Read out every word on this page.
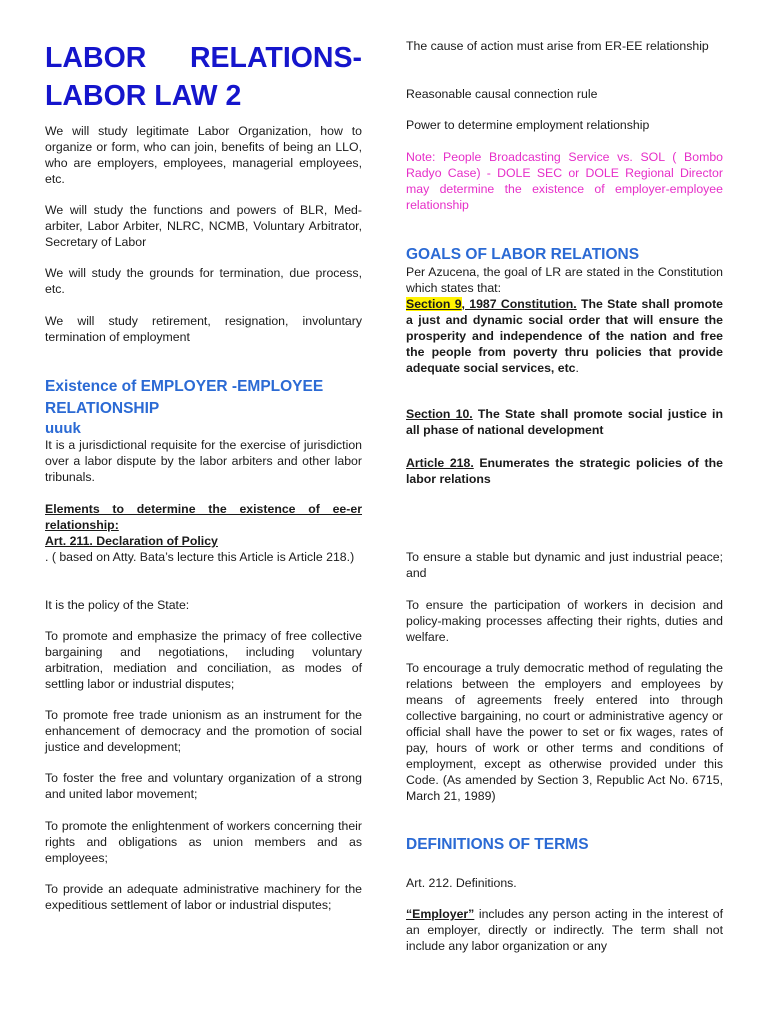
LABOR RELATIONS-
LABOR LAW 2

We will study legitimate Labor Organization, how to organize or form, who can join, benefits of being an LLO, who are employers, employees, managerial employees, etc.

We will study the functions and powers of BLR, Med-arbiter, Labor Arbiter, NLRC, NCMB, Voluntary Arbitrator, Secretary of Labor

We will study the grounds for termination, due process, etc.

We will study retirement, resignation, involuntary termination of employment

Existence of EMPLOYER -EMPLOYEE RELATIONSHIP
uuuk

It is a jurisdictional requisite for the exercise of jurisdiction over a labor dispute by the labor arbiters and other labor tribunals.

Elements to determine the existence of ee-er relationship:

Art. 211. Declaration of Policy

. ( based on Atty. Bata’s lecture this Article is Article 218.)

It is the policy of the State:

To promote and emphasize the primacy of free collective bargaining and negotiations, including voluntary arbitration, mediation and conciliation, as modes of settling labor or industrial disputes;

To promote free trade unionism as an instrument for the enhancement of democracy and the promotion of social justice and development;

To foster the free and voluntary organization of a strong and united labor movement;

To promote the enlightenment of workers concerning their rights and obligations as union members and as employees;

To provide an adequate administrative machinery for the expeditious settlement of labor or industrial disputes;

The cause of action must arise from ER-EE relationship

Reasonable causal connection rule

Power to determine employment relationship

Note: People Broadcasting Service vs. SOL ( Bombo Radyo Case) - DOLE SEC or DOLE Regional Director may determine the existence of employer-employee relationship

GOALS OF LABOR RELATIONS

Per Azucena, the goal of LR are stated in the Constitution which states that:

Section 9, 1987 Constitution. The State shall promote a just and dynamic social order that will ensure the prosperity and independence of the nation and free the people from poverty thru policies that provide adequate social services, etc.

Section 10. The State shall promote social justice in all phase of national development

Article 218. Enumerates the strategic policies of the labor relations

To ensure a stable but dynamic and just industrial peace; and

To ensure the participation of workers in decision and policy-making processes affecting their rights, duties and welfare.

To encourage a truly democratic method of regulating the relations between the employers and employees by means of agreements freely entered into through collective bargaining, no court or administrative agency or official shall have the power to set or fix wages, rates of pay, hours of work or other terms and conditions of employment, except as otherwise provided under this Code. (As amended by Section 3, Republic Act No. 6715, March 21, 1989)

DEFINITIONS OF TERMS

Art. 212. Definitions.

“Employer” includes any person acting in the interest of an employer, directly or indirectly. The term shall not include any labor organization or any
